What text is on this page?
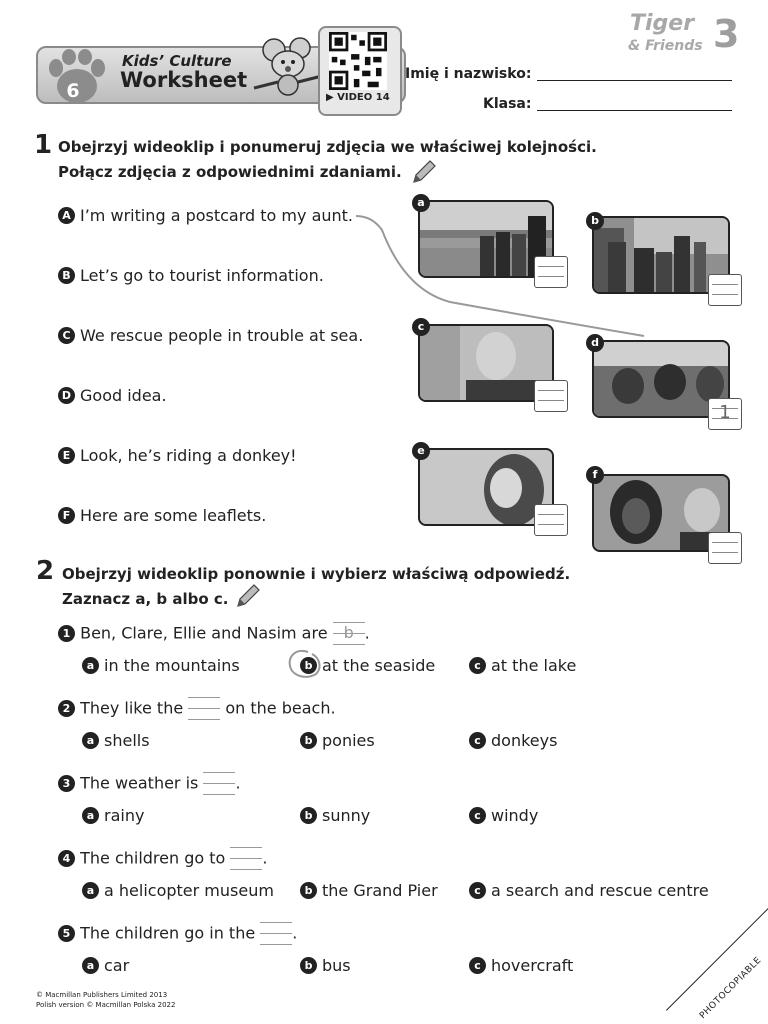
6
Kids’ Culture
Worksheet
▶ VIDEO 14
Imię i nazwisko:
Klasa:
Tiger
& Friends 3
1 Obejrzyj wideoklip i ponumeruj zdjęcia we właściwej kolejności.
Połącz zdjęcia z odpowiednimi zdaniami.
A I’m writing a postcard to my aunt.
B Let’s go to tourist information.
C We rescue people in trouble at sea.
D Good idea.
E Look, he’s riding a donkey!
F Here are some leaflets.
a
b
c
d
1
e
f
2 Obejrzyj wideoklip ponownie i wybierz właściwą odpowiedź.
Zaznacz a, b albo c.
1 Ben, Clare, Ellie and Nasim are	b .
a in the mountains	b at the seaside	c at the lake
2 They like the	on the beach.
a shells	b ponies	c donkeys
3 The weather is .
a rainy	b sunny	c windy
4 The children go to .
a a helicopter museum	b the Grand Pier	c a search and rescue centre
5 The children go in the .
a car	b bus	c hovercraft
© Macmillan Publishers Limited 2013
Polish version © Macmillan Polska 2022	PHOTOCOPIABLE
